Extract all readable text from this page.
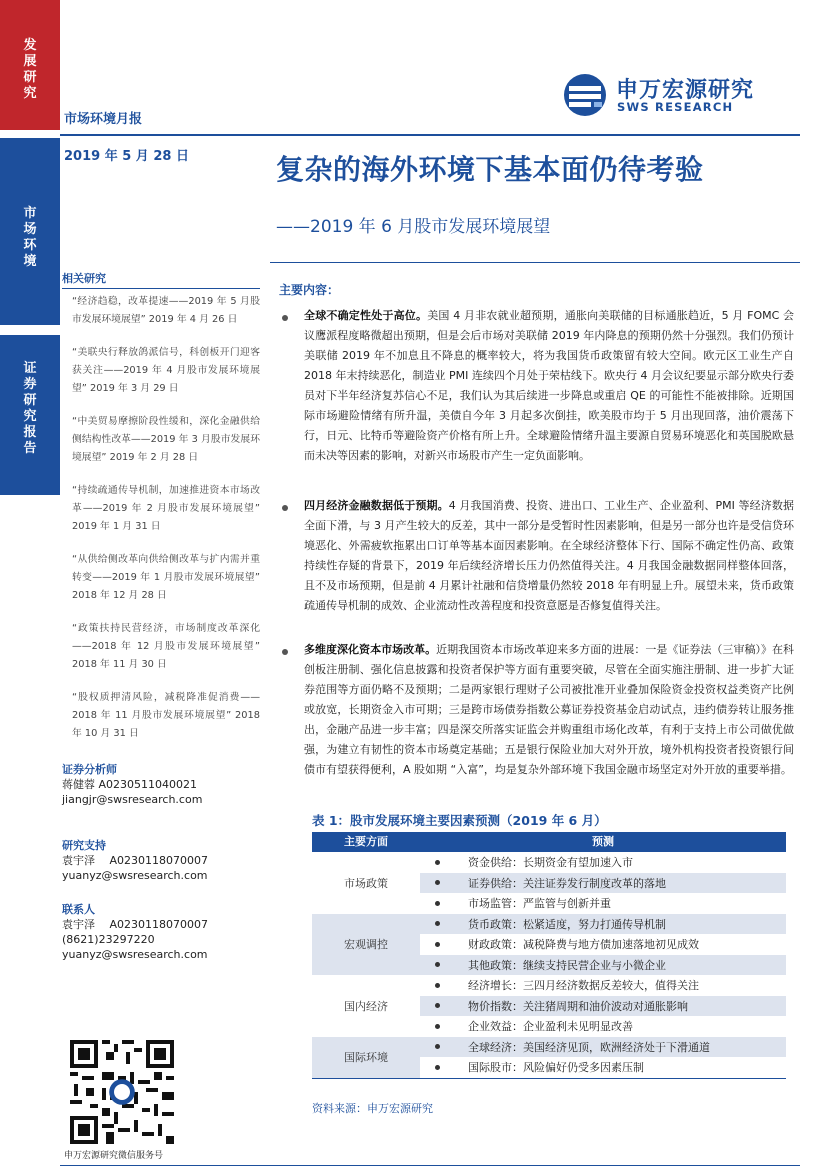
发展研究
市场环境
证券研究报告
申万宏源研究
SWS RESEARCH
市场环境月报
2019 年 5 月 28 日	复杂的海外环境下基本面仍待考验
——2019 年 6 月股市发展环境展望
相关研究
“经济趋稳，改革提速——2019 年 5 月股市发展环境展望” 2019 年 4 月 26 日
“美联央行释放鸽派信号，科创板开门迎客获关注——2019 年 4 月股市发展环境展望” 2019 年 3 月 29 日
“中美贸易摩擦阶段性缓和，深化金融供给侧结构性改革——2019 年 3 月股市发展环境展望” 2019 年 2 月 28 日
“持续疏通传导机制，加速推进资本市场改革——2019 年 2 月股市发展环境展望” 2019 年 1 月 31 日
“从供给侧改革向供给侧改革与扩内需并重转变——2019 年 1 月股市发展环境展望” 2018 年 12 月 28 日
“政策扶持民营经济，市场制度改革深化——2018 年 12 月股市发展环境展望” 2018 年 11 月 30 日
“股权质押清风险，减税降准促消费——2018 年 11 月股市发展环境展望” 2018 年 10 月 31 日
证券分析师
蒋健蓉 A0230511040021
jiangjr@swsresearch.com
研究支持
袁宇泽 　A0230118070007
yuanyz@swsresearch.com
联系人
袁宇泽 　A0230118070007
(8621)23297220
yuanyz@swsresearch.com
申万宏源研究微信服务号
主要内容：
全球不确定性处于高位。美国 4 月非农就业超预期，通胀向美联储的目标通胀趋近，5 月 FOMC 会议鹰派程度略微超出预期，但是会后市场对美联储 2019 年内降息的预期仍然十分强烈。我们仍预计美联储 2019 年不加息且不降息的概率较大，将为我国货币政策留有较大空间。欧元区工业生产自 2018 年末持续恶化，制造业 PMI 连续四个月处于荣枯线下。欧央行 4 月会议纪要显示部分欧央行委员对下半年经济复苏信心不足，我们认为其后续进一步降息或重启 QE 的可能性不能被排除。近期国际市场避险情绪有所升温，美债自今年 3 月起多次倒挂，欧美股市均于 5 月出现回落，油价震荡下行，日元、比特币等避险资产价格有所上升。全球避险情绪升温主要源自贸易环境恶化和英国脱欧悬而未决等因素的影响，对新兴市场股市产生一定负面影响。
四月经济金融数据低于预期。4 月我国消费、投资、进出口、工业生产、企业盈利、PMI 等经济数据全面下滑，与 3 月产生较大的反差，其中一部分是受暂时性因素影响，但是另一部分也许是受信贷环境恶化、外需疲软拖累出口订单等基本面因素影响。在全球经济整体下行、国际不确定性仍高、政策持续性存疑的背景下，2019 年后续经济增长压力仍然值得关注。4 月我国金融数据同样整体回落，且不及市场预期，但是前 4 月累计社融和信贷增量仍然较 2018 年有明显上升。展望未来，货币政策疏通传导机制的成效、企业流动性改善程度和投资意愿是否修复值得关注。
多维度深化资本市场改革。近期我国资本市场改革迎来多方面的进展：一是《证券法（三审稿）》在科创板注册制、强化信息披露和投资者保护等方面有重要突破，尽管在全面实施注册制、进一步扩大证券范围等方面仍略不及预期；二是两家银行理财子公司被批准开业叠加保险资金投资权益类资产比例或放宽，长期资金入市可期；三是跨市场债券指数公募证券投资基金启动试点，违约债券转让服务推出，金融产品进一步丰富；四是深交所落实证监会并购重组市场化改革，有利于支持上市公司做优做强，为建立有韧性的资本市场奠定基础；五是银行保险业加大对外开放，境外机构投资者投资银行间债市有望获得便利，A 股如期 “入富”，均是复杂外部环境下我国金融市场坚定对外开放的重要举措。
表 1：股市发展环境主要因素预测（2019 年 6 月）
主要方面	预测
市场政策
资金供给：长期资金有望加速入市
证券供给：关注证券发行制度改革的落地
市场监管：严监管与创新并重
宏观调控
货币政策：松紧适度，努力打通传导机制
财政政策：减税降费与地方债加速落地初见成效
其他政策：继续支持民营企业与小微企业
国内经济
经济增长：三四月经济数据反差较大，值得关注
物价指数：关注猪周期和油价波动对通胀影响
企业效益：企业盈利未见明显改善
国际环境
全球经济：美国经济见顶，欧洲经济处于下滑通道
国际股市：风险偏好仍受多因素压制
资料来源：申万宏源研究
